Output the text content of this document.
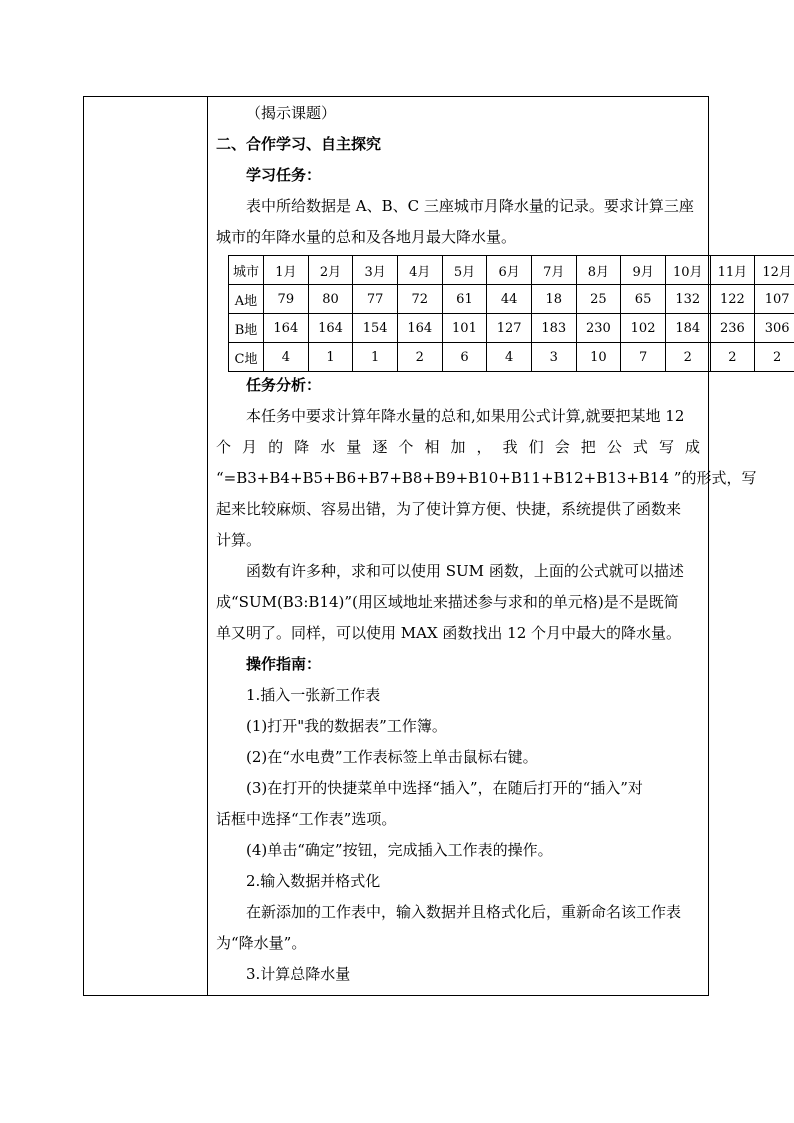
（揭示课题）
二、合作学习、自主探究
学习任务：
表中所给数据是 A、B、C 三座城市月降水量的记录。要求计算三座
城市的年降水量的总和及各地月最大降水量。
城市	1月	2月	3月	4月	5月	6月	7月	8月	9月	10月	11月	12月
A地	79	80	77	72	61	44	18	25	65	132	122	107
B地	164	164	154	164	101	127	183	230	102	184	236	306
C地	4	1	1	2	6	4	3	10	7	2	2	2
任务分析：
本任务中要求计算年降水量的总和,如果用公式计算,就要把某地 12
个 月 的 降 水 量 逐 个 相 加 ， 我 们 会 把 公 式 写 成
“=B3+B4+B5+B6+B7+B8+B9+B10+B11+B12+B13+B14 ”的形式，写
起来比较麻烦、容易出错，为了使计算方便、快捷，系统提供了函数来
计算。
函数有许多种，求和可以使用 SUM 函数，上面的公式就可以描述
成“SUM(B3:B14)”(用区域地址来描述参与求和的单元格)是不是既简
单又明了。同样，可以使用 MAX 函数找出 12 个月中最大的降水量。
操作指南：
1.插入一张新工作表
(1)打开"我的数据表”工作簿。
(2)在“水电费”工作表标签上单击鼠标右键。
(3)在打开的快捷菜单中选择“插入”，在随后打开的“插入”对
话框中选择“工作表”选项。
(4)单击“确定”按钮，完成插入工作表的操作。
2.输入数据并格式化
在新添加的工作表中，输入数据并且格式化后，重新命名该工作表
为“降水量”。
3.计算总降水量
